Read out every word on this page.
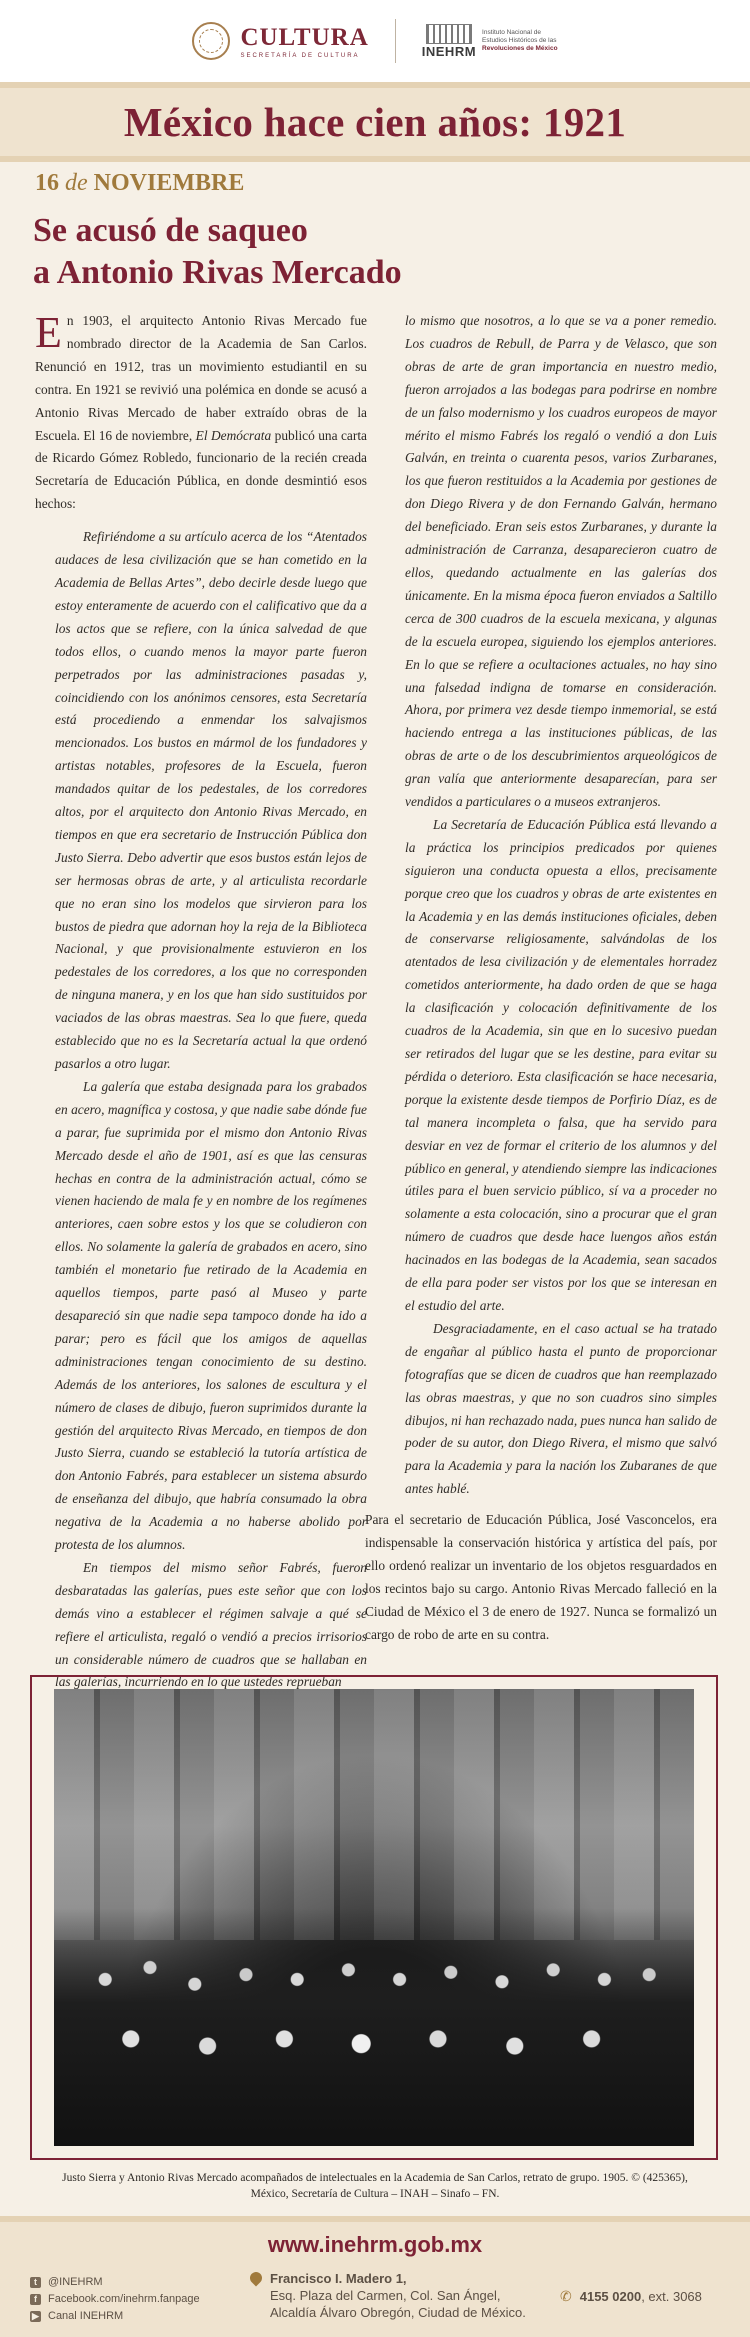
CULTURA
SECRETARÍA DE CULTURA	INEHRM
Instituto Nacional de
Estudios Históricos de las
Revoluciones de México
México hace cien años: 1921
16 de NOVIEMBRE
Se acusó de saqueo
a Antonio Rivas Mercado

En 1903, el arquitecto Antonio Rivas Mercado fue nombrado director de la Academia de San Carlos. Renunció en 1912, tras un movimiento estudiantil en su contra. En 1921 se revivió una polémica en donde se acusó a Antonio Rivas Mercado de haber extraído obras de la Escuela. El 16 de noviembre, El Demócrata publicó una carta de Ricardo Gómez Robledo, funcionario de la recién creada Secretaría de Educación Pública, en donde desmintió esos hechos:

Refiriéndome a su artículo acerca de los “Atentados audaces de lesa civilización que se han cometido en la Academia de Bellas Artes”, debo decirle desde luego que estoy enteramente de acuerdo con el calificativo que da a los actos que se refiere, con la única salvedad de que todos ellos, o cuando menos la mayor parte fueron perpetrados por las administraciones pasadas y, coincidiendo con los anónimos censores, esta Secretaría está procediendo a enmendar los salvajismos mencionados. Los bustos en mármol de los fundadores y artistas notables, profesores de la Escuela, fueron mandados quitar de los pedestales, de los corredores altos, por el arquitecto don Antonio Rivas Mercado, en tiempos en que era secretario de Instrucción Pública don Justo Sierra. Debo advertir que esos bustos están lejos de ser hermosas obras de arte, y al articulista recordarle que no eran sino los modelos que sirvieron para los bustos de piedra que adornan hoy la reja de la Biblioteca Nacional, y que provisionalmente estuvieron en los pedestales de los corredores, a los que no corresponden de ninguna manera, y en los que han sido sustituidos por vaciados de las obras maestras. Sea lo que fuere, queda establecido que no es la Secretaría actual la que ordenó pasarlos a otro lugar.

La galería que estaba designada para los grabados en acero, magnífica y costosa, y que nadie sabe dónde fue a parar, fue suprimida por el mismo don Antonio Rivas Mercado desde el año de 1901, así es que las censuras hechas en contra de la administración actual, cómo se vienen haciendo de mala fe y en nombre de los regímenes anteriores, caen sobre estos y los que se coludieron con ellos. No solamente la galería de grabados en acero, sino también el monetario fue retirado de la Academia en aquellos tiempos, parte pasó al Museo y parte desapareció sin que nadie sepa tampoco donde ha ido a parar; pero es fácil que los amigos de aquellas administraciones tengan conocimiento de su destino. Además de los anteriores, los salones de escultura y el número de clases de dibujo, fueron suprimidos durante la gestión del arquitecto Rivas Mercado, en tiempos de don Justo Sierra, cuando se estableció la tutoría artística de don Antonio Fabrés, para establecer un sistema absurdo de enseñanza del dibujo, que habría consumado la obra negativa de la Academia a no haberse abolido por protesta de los alumnos.

En tiempos del mismo señor Fabrés, fueron desbaratadas las galerías, pues este señor que con los demás vino a establecer el régimen salvaje a qué se refiere el articulista, regaló o vendió a precios irrisorios un considerable número de cuadros que se hallaban en las galerías, incurriendo en lo que ustedes reprueban

lo mismo que nosotros, a lo que se va a poner remedio. Los cuadros de Rebull, de Parra y de Velasco, que son obras de arte de gran importancia en nuestro medio, fueron arrojados a las bodegas para podrirse en nombre de un falso modernismo y los cuadros europeos de mayor mérito el mismo Fabrés los regaló o vendió a don Luis Galván, en treinta o cuarenta pesos, varios Zurbaranes, los que fueron restituidos a la Academia por gestiones de don Diego Rivera y de don Fernando Galván, hermano del beneficiado. Eran seis estos Zurbaranes, y durante la administración de Carranza, desaparecieron cuatro de ellos, quedando actualmente en las galerías dos únicamente. En la misma época fueron enviados a Saltillo cerca de 300 cuadros de la escuela mexicana, y algunas de la escuela europea, siguiendo los ejemplos anteriores. En lo que se refiere a ocultaciones actuales, no hay sino una falsedad indigna de tomarse en consideración. Ahora, por primera vez desde tiempo inmemorial, se está haciendo entrega a las instituciones públicas, de las obras de arte o de los descubrimientos arqueológicos de gran valía que anteriormente desaparecían, para ser vendidos a particulares o a museos extranjeros.

La Secretaría de Educación Pública está llevando a la práctica los principios predicados por quienes siguieron una conducta opuesta a ellos, precisamente porque creo que los cuadros y obras de arte existentes en la Academia y en las demás instituciones oficiales, deben de conservarse religiosamente, salvándolas de los atentados de lesa civilización y de elementales horradez cometidos anteriormente, ha dado orden de que se haga la clasificación y colocación definitivamente de los cuadros de la Academia, sin que en lo sucesivo puedan ser retirados del lugar que se les destine, para evitar su pérdida o deterioro. Esta clasificación se hace necesaria, porque la existente desde tiempos de Porfirio Díaz, es de tal manera incompleta o falsa, que ha servido para desviar en vez de formar el criterio de los alumnos y del público en general, y atendiendo siempre las indicaciones útiles para el buen servicio público, sí va a proceder no solamente a esta colocación, sino a procurar que el gran número de cuadros que desde hace luengos años están hacinados en las bodegas de la Academia, sean sacados de ella para poder ser vistos por los que se interesan en el estudio del arte.

Desgraciadamente, en el caso actual se ha tratado de engañar al público hasta el punto de proporcionar fotografías que se dicen de cuadros que han reemplazado las obras maestras, y que no son cuadros sino simples dibujos, ni han rechazado nada, pues nunca han salido de poder de su autor, don Diego Rivera, el mismo que salvó para la Academia y para la nación los Zubaranes de que antes hablé.

Para el secretario de Educación Pública, José Vasconcelos, era indispensable la conservación histórica y artística del país, por ello ordenó realizar un inventario de los objetos resguardados en los recintos bajo su cargo. Antonio Rivas Mercado falleció en la Ciudad de México el 3 de enero de 1927. Nunca se formalizó un cargo de robo de arte en su contra.

Justo Sierra y Antonio Rivas Mercado acompañados de intelectuales en la Academia de San Carlos, retrato de grupo. 1905. © (425365),
México, Secretaría de Cultura – INAH – Sinafo – FN.
www.inehrm.gob.mx
t	@INEHRM
f	Facebook.com/inehrm.fanpage
▶ Canal INEHRM
Francisco I. Madero 1,
Esq. Plaza del Carmen, Col. San Ángel,
Alcaldía Álvaro Obregón, Ciudad de México.
✆ 4155 0200, ext. 3068
